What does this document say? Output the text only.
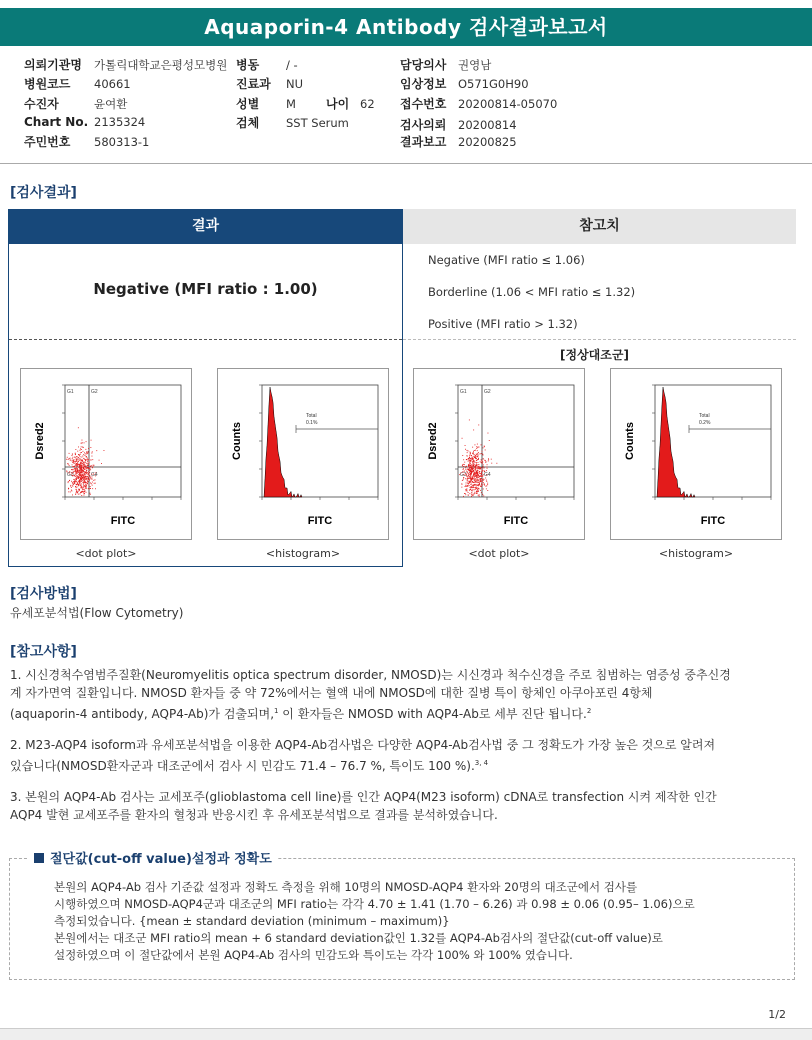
Aquaporin-4 Antibody 검사결과보고서
의뢰기관명 가톨릭대학교은평성모병원 병동 / -	담당의사 권영남
병원코드 40661	진료과 NU	임상정보 O571G0H90
수진자	윤여환	성별 M	나이 62 접수번호 20200814-05070
Chart No. 2135324	검체 SST Serum	검사의뢰 20200814
주민번호 580313-1	결과보고 20200825
[검사결과]
결과	참고치
Negative (MFI ratio : 1.00)
Negative (MFI ratio ≤ 1.06)
Borderline (1.06 < MFI ratio ≤ 1.32)
Positive (MFI ratio > 1.32)
[정상대조군]
FITC
Dsred2
G1	G2
G3	G4
FITC
Counts
Total
0.1%
FITC
Dsred2
G1	G2
G3	G4
FITC
Counts
Total
0.2%
<dot plot>	<histogram>	<dot plot>	<histogram>
[검사방법]
유세포분석법(Flow Cytometry)
[참고사항]
1. 시신경척수염범주질환(Neuromyelitis optica spectrum disorder, NMOSD)는 시신경과 척수신경을 주로 침범하는 염증성 중추신경
계 자가면역 질환입니다. NMOSD 환자들 중 약 72%에서는 혈액 내에 NMOSD에 대한 질병 특이 항체인 아쿠아포린 4항체
(aquaporin-4 antibody, AQP4-Ab)가 검출되며,$^1$ 이 환자들은 NMOSD with AQP4-Ab로 세부 진단 됩니다.$^2$
2. M23-AQP4 isoform과 유세포분석법을 이용한 AQP4-Ab검사법은 다양한 AQP4-Ab검사법 중 그 정확도가 가장 높은 것으로 알려져
있습니다(NMOSD환자군과 대조군에서 검사 시 민감도 71.4 – 76.7 %, 특이도 100 %).$^{3, 4}$
3. 본원의 AQP4-Ab 검사는 교세포주(glioblastoma cell line)를 인간 AQP4(M23 isoform) cDNA로 transfection 시켜 제작한 인간
AQP4 발현 교세포주를 환자의 혈청과 반응시킨 후 유세포분석법으로 결과를 분석하였습니다.
절단값(cut-off value)설정과 정확도
본원의 AQP4-Ab 검사 기준값 설정과 정확도 측정을 위해 10명의 NMOSD-AQP4 환자와 20명의 대조군에서 검사를
시행하였으며 NMOSD-AQP4군과 대조군의 MFI ratio는 각각 4.70 ± 1.41 (1.70 – 6.26) 과 0.98 ± 0.06 (0.95– 1.06)으로
측정되었습니다. {mean ± standard deviation (minimum – maximum)}
본원에서는 대조군 MFI ratio의 mean + 6 standard deviation값인 1.32를 AQP4-Ab검사의 절단값(cut-off value)로
설정하였으며 이 절단값에서 본원 AQP4-Ab 검사의 민감도와 특이도는 각각 100% 와 100% 였습니다.
1/2
